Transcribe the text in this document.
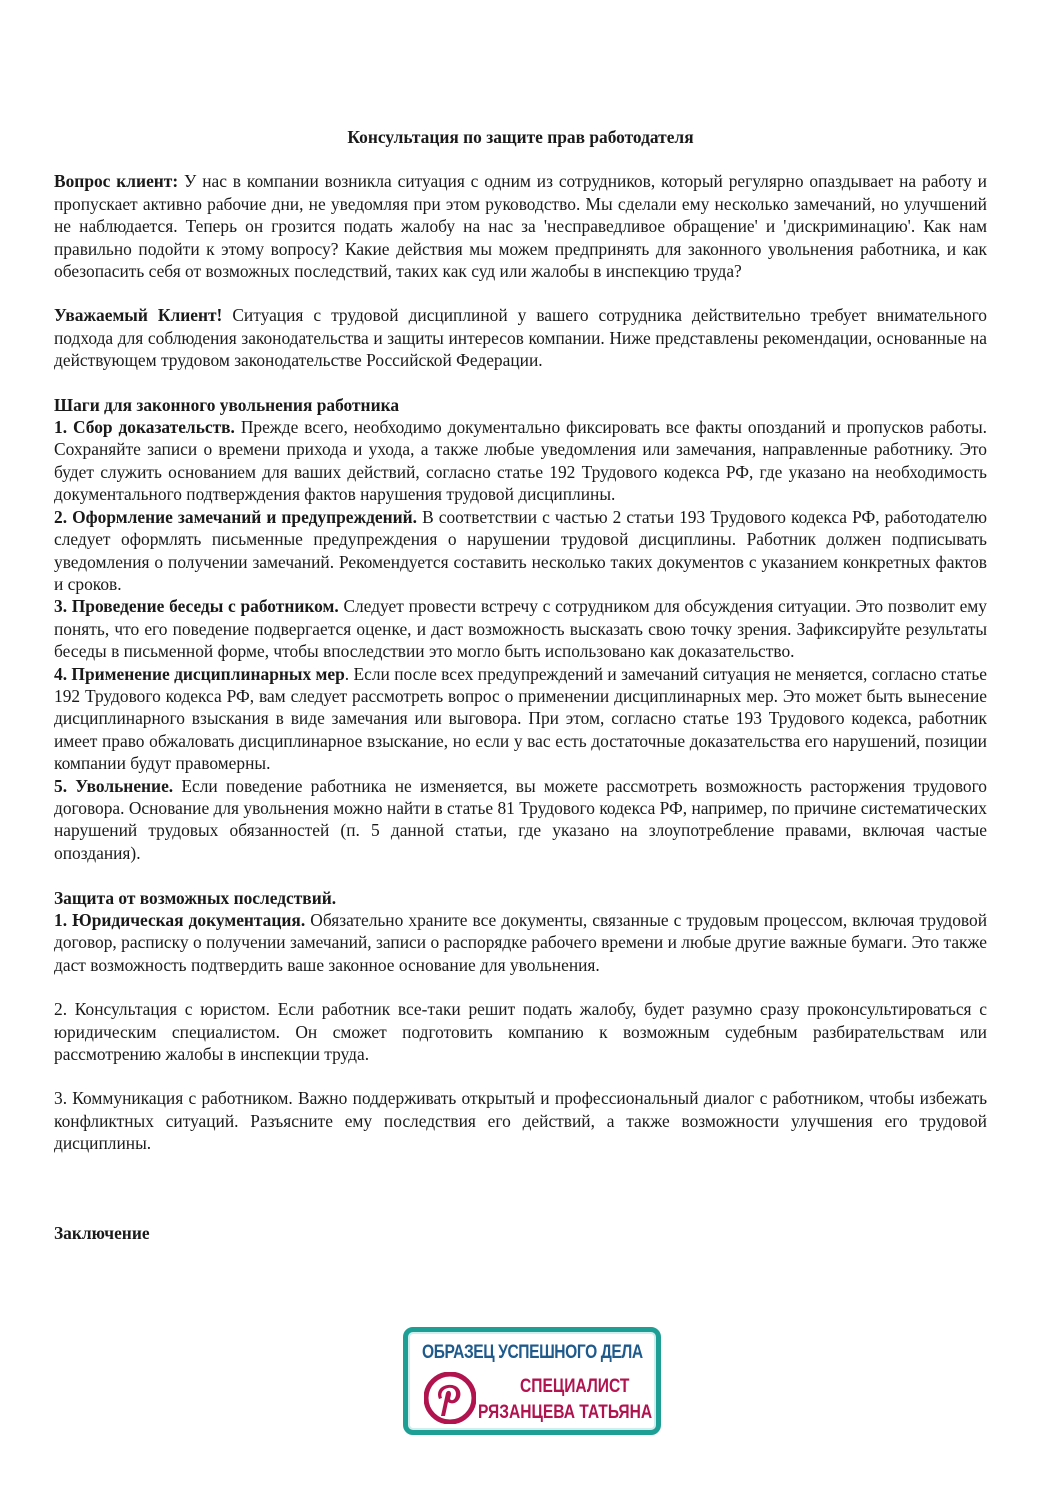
Консультация по защите прав работодателя

Вопрос клиент: У нас в компании возникла ситуация с одним из сотрудников, который регулярно опаздывает на работу и пропускает активно рабочие дни, не уведомляя при этом руководство. Мы сделали ему несколько замечаний, но улучшений не наблюдается. Теперь он грозится подать жалобу на нас за 'несправедливое обращение' и 'дискриминацию'. Как нам правильно подойти к этому вопросу? Какие действия мы можем предпринять для законного увольнения работника, и как обезопасить себя от возможных последствий, таких как суд или жалобы в инспекцию труда?

Уважаемый Клиент! Ситуация с трудовой дисциплиной у вашего сотрудника действительно требует внимательного подхода для соблюдения законодательства и защиты интересов компании. Ниже представлены рекомендации, основанные на действующем трудовом законодательстве Российской Федерации.

Шаги для законного увольнения работника

1. Сбор доказательств. Прежде всего, необходимо документально фиксировать все факты опозданий и пропусков работы. Сохраняйте записи о времени прихода и ухода, а также любые уведомления или замечания, направленные работнику. Это будет служить основанием для ваших действий, согласно статье 192 Трудового кодекса РФ, где указано на необходимость документального подтверждения фактов нарушения трудовой дисциплины.

2. Оформление замечаний и предупреждений. В соответствии с частью 2 статьи 193 Трудового кодекса РФ, работодателю следует оформлять письменные предупреждения о нарушении трудовой дисциплины. Работник должен подписывать уведомления о получении замечаний. Рекомендуется составить несколько таких документов с указанием конкретных фактов и сроков.

3. Проведение беседы с работником. Следует провести встречу с сотрудником для обсуждения ситуации. Это позволит ему понять, что его поведение подвергается оценке, и даст возможность высказать свою точку зрения. Зафиксируйте результаты беседы в письменной форме, чтобы впоследствии это могло быть использовано как доказательство.

4. Применение дисциплинарных мер. Если после всех предупреждений и замечаний ситуация не меняется, согласно статье 192 Трудового кодекса РФ, вам следует рассмотреть вопрос о применении дисциплинарных мер. Это может быть вынесение дисциплинарного взыскания в виде замечания или выговора. При этом, согласно статье 193 Трудового кодекса, работник имеет право обжаловать дисциплинарное взыскание, но если у вас есть достаточные доказательства его нарушений, позиции компании будут правомерны.

5. Увольнение. Если поведение работника не изменяется, вы можете рассмотреть возможность расторжения трудового договора. Основание для увольнения можно найти в статье 81 Трудового кодекса РФ, например, по причине систематических нарушений трудовых обязанностей (п. 5 данной статьи, где указано на злоупотребление правами, включая частые опоздания).

Защита от возможных последствий.

1. Юридическая документация. Обязательно храните все документы, связанные с трудовым процессом, включая трудовой договор, расписку о получении замечаний, записи о распорядке рабочего времени и любые другие важные бумаги. Это также даст возможность подтвердить ваше законное основание для увольнения.

2. Консультация с юристом. Если работник все-таки решит подать жалобу, будет разумно сразу проконсультироваться с юридическим специалистом. Он сможет подготовить компанию к возможным судебным разбирательствам или рассмотрению жалобы в инспекции труда.

3. Коммуникация с работником. Важно поддерживать открытый и профессиональный диалог с работником, чтобы избежать конфликтных ситуаций. Разъясните ему последствия его действий, а также возможности улучшения его трудовой дисциплины.

Заключение

ОБРАЗЕЦ УСПЕШНОГО ДЕЛА
СПЕЦИАЛИСТ
РЯЗАНЦЕВА ТАТЬЯНА
